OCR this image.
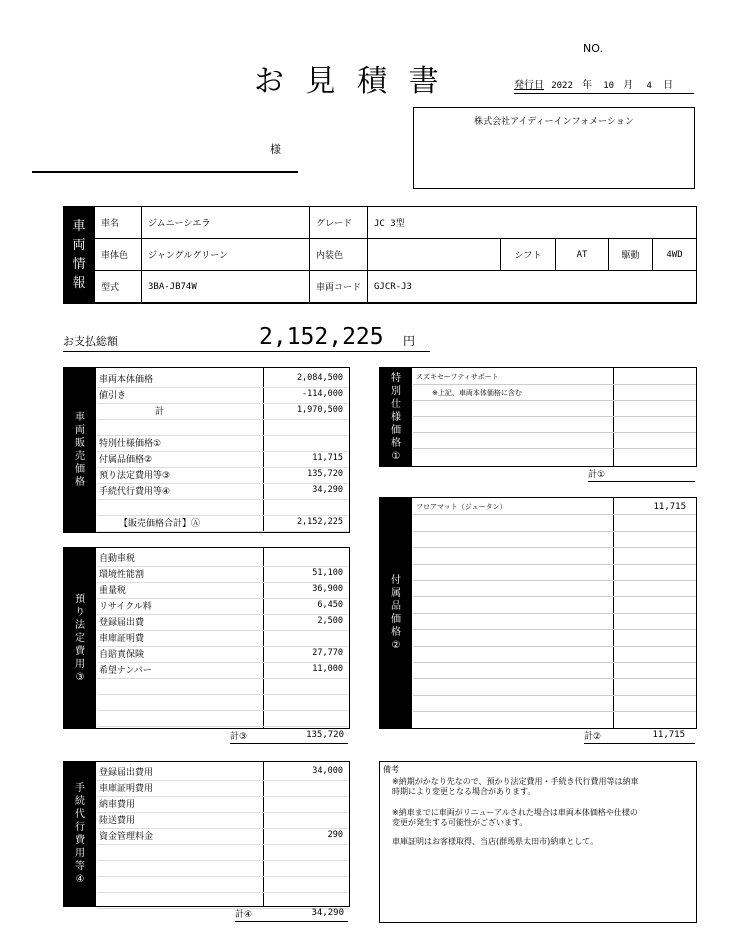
NO.
お 見 積 書	発行日 2022 年 10 月 4 日
様
株式会社アイディーインフォメーション
車
両
情
報
車名	ジムニーシエラ	グレード	JC 3型			
車体色	ジャングルグリーン	内装色		シフト	AT	駆動 4WD

型式	3BA-JB74W	車両コード	GJCR-J3			
お支払総額	2,152,225 円
車
両
販
売
価
格
車両本体価格	2,084,500
値引き	-114,000
計	1,970,500
特別仕様価格①
付属品価格②	11,715
預り法定費用等③	135,720
手続代行費用等④	34,290
【販売価格合計】Ⓐ	2,152,225
預
り
法
定
費
用
③
自動車税
環境性能割	51,100
重量税	36,900
リサイクル料	6,450
登録届出費	2,500
車庫証明費
自賠責保険	27,770
希望ナンバー	11,000
計③	135,720
手
続
代
行
費
用
等
④
登録届出費用	34,000
車庫証明費用
納車費用
陸送費用
資金管理料金	290
計④	34,290
特
別
仕
様
価
格
①
スズキセーフティサポート
※上記、車両本体価格に含む
計①
付
属
品
価
格
②
フロアマット（ジュータン）	11,715
計②	11,715
備考
※納期がかなり先なので、預かり法定費用・手続き代行費用等は納車
時期により変更となる場合があります。
※納車までに車両がリニューアルされた場合は車両本体価格や仕様の
変更が発生する可能性がございます。
車庫証明はお客様取得、当店(群馬県太田市)納車として。
